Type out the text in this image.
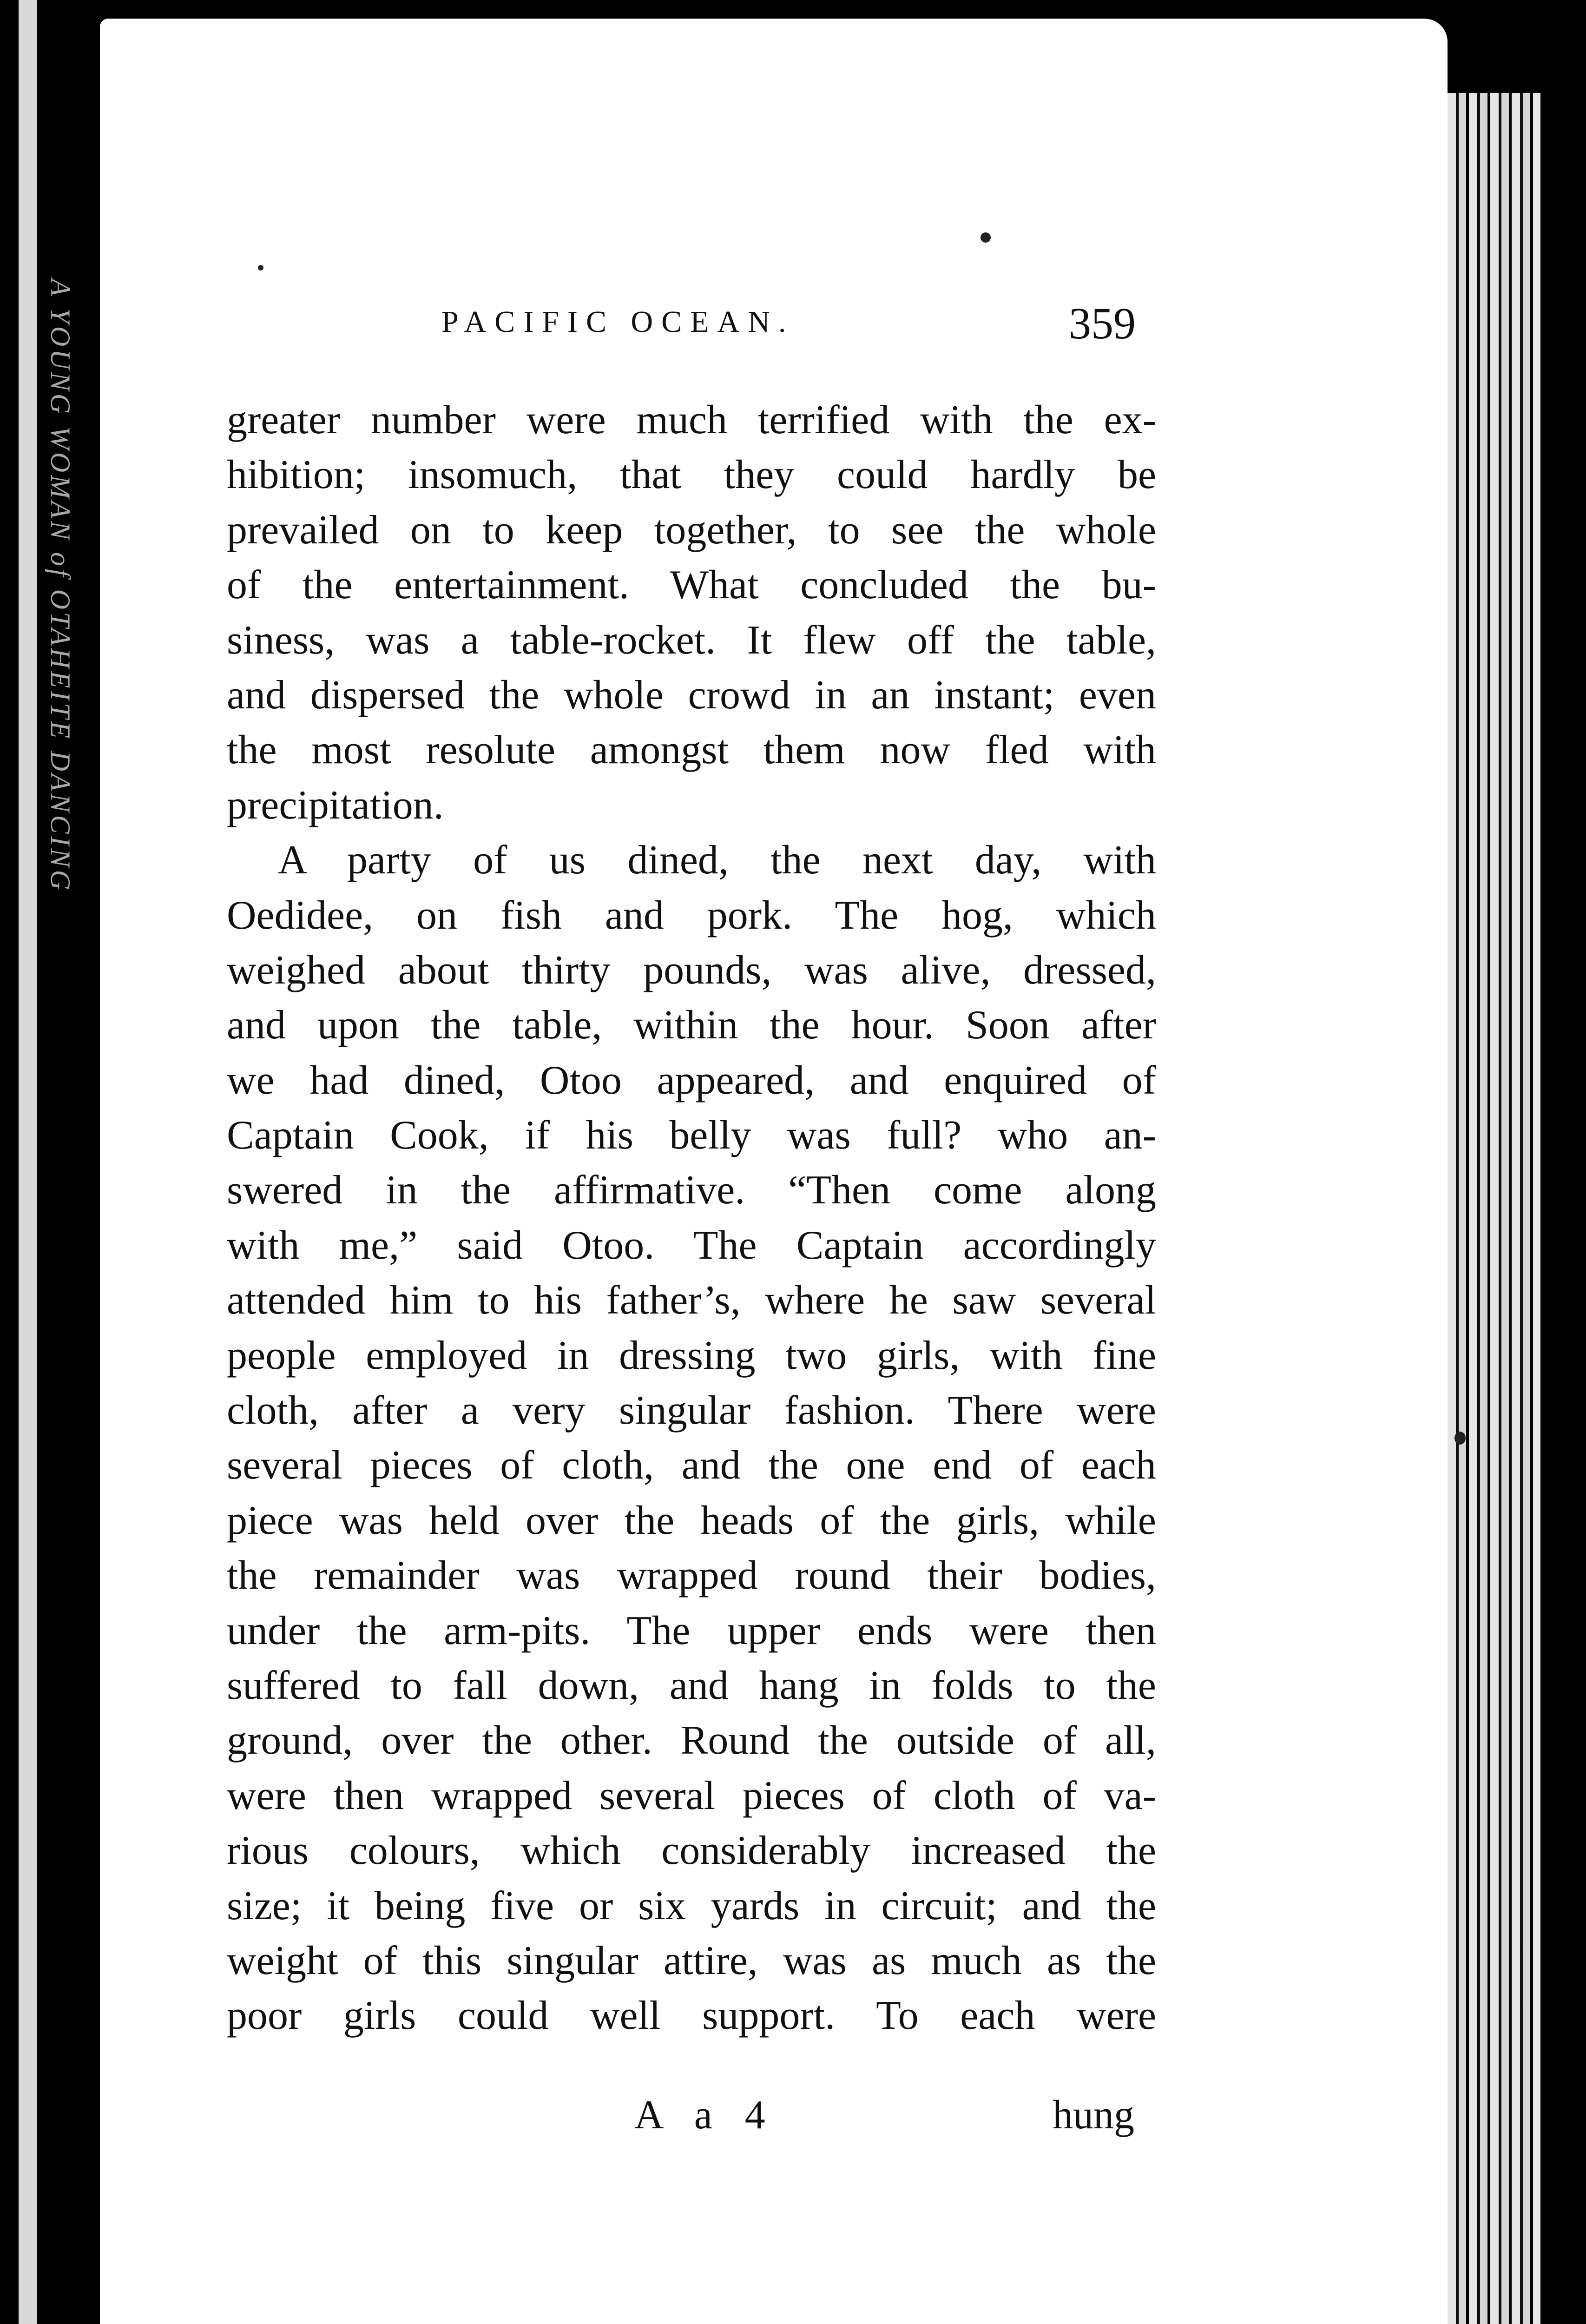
A YOUNG WOMAN of OTAHEITE DANCING	PACIFIC OCEAN.	359
greater number were much terrified with the ex-
hibition; insomuch, that they could hardly be
prevailed on to keep together, to see the whole
of the entertainment. What concluded the bu-
siness, was a table-rocket. It flew off the table,
and dispersed the whole crowd in an instant; even
the most resolute amongst them now fled with
precipitation.
A party of us dined, the next day, with
Oedidee, on fish and pork. The hog, which
weighed about thirty pounds, was alive, dressed,
and upon the table, within the hour. Soon after
we had dined, Otoo appeared, and enquired of
Captain Cook, if his belly was full? who an-
swered in the affirmative. “Then come along
with me,” said Otoo. The Captain accordingly
attended him to his father’s, where he saw several
people employed in dressing two girls, with fine
cloth, after a very singular fashion. There were
several pieces of cloth, and the one end of each
piece was held over the heads of the girls, while
the remainder was wrapped round their bodies,
under the arm-pits. The upper ends were then
suffered to fall down, and hang in folds to the
ground, over the other. Round the outside of all,
were then wrapped several pieces of cloth of va-
rious colours, which considerably increased the
size; it being five or six yards in circuit; and the
weight of this singular attire, was as much as the
poor girls could well support. To each were
A a 4	hung
